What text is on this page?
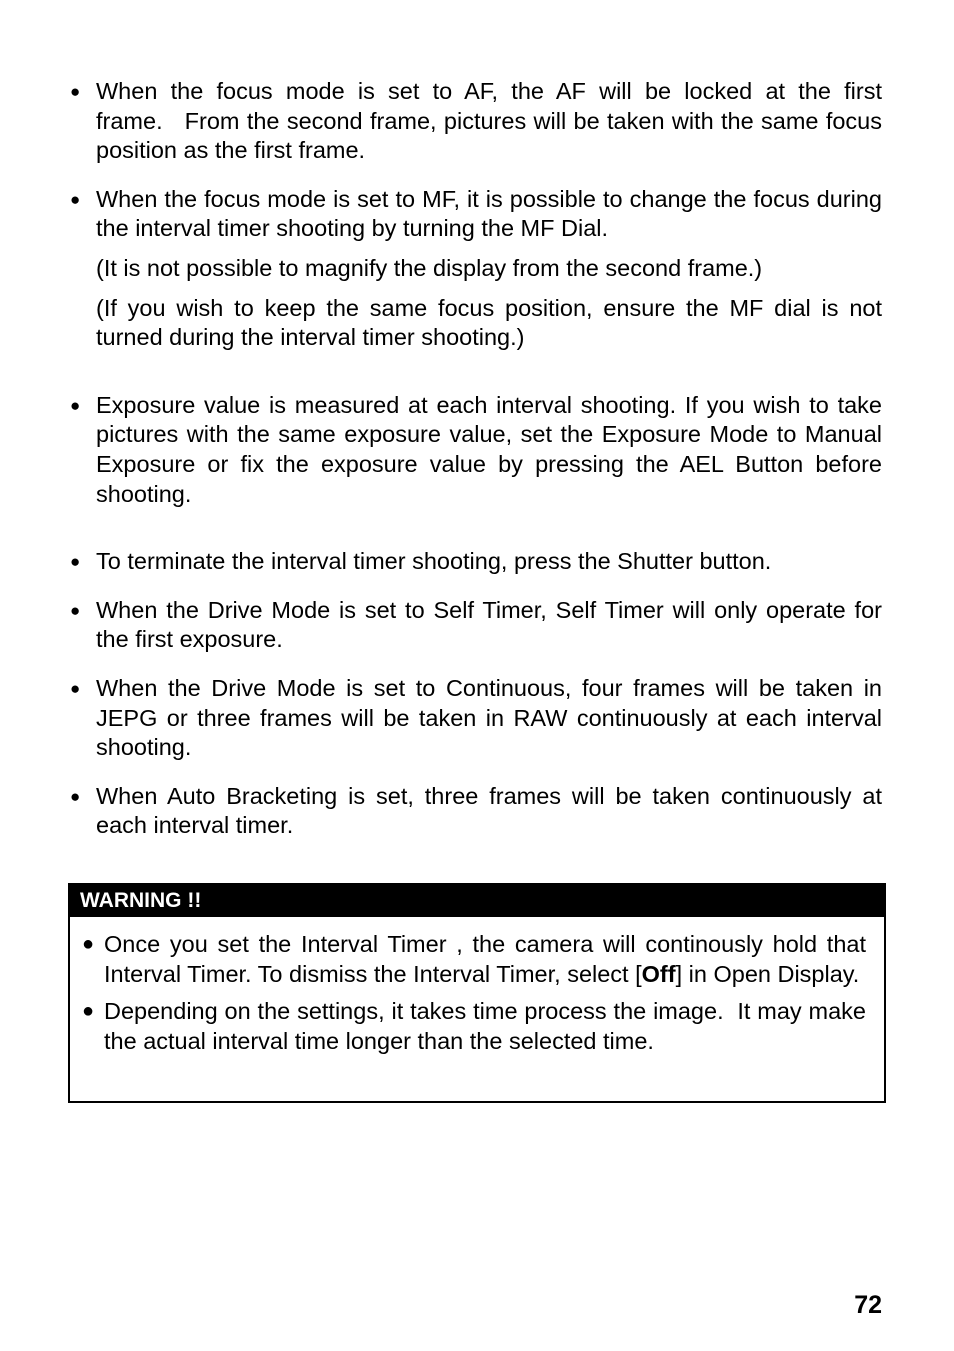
● When the focus mode is set to AF, the AF will be locked at the first frame.   From the second frame, pictures will be taken with the same focus position as the first frame.

● When the focus mode is set to MF, it is possible to change the focus during the interval timer shooting by turning the MF Dial.

(It is not possible to magnify the display from the second frame.)

(If you wish to keep the same focus position, ensure the MF dial is not turned during the interval timer shooting.)

● Exposure value is measured at each interval shooting. If you wish to take pictures with the same exposure value, set the Exposure Mode to Manual Exposure or fix the exposure value by pressing the AEL Button before shooting.

● To terminate the interval timer shooting, press the Shutter button.

● When the Drive Mode is set to Self Timer, Self Timer will only operate for the first exposure.

● When the Drive Mode is set to Continuous, four frames will be taken in JEPG or three frames will be taken in RAW continuously at each interval shooting.

● When Auto Bracketing is set, three frames will be taken continuously at each interval timer.

WARNING !!
● Once you set the Interval Timer , the camera will continously hold that Interval Timer. To dismiss the Interval Timer, select [Off] in Open Display.

● Depending on the settings, it takes time process the image.  It may make the actual interval time longer than the selected time.

72
